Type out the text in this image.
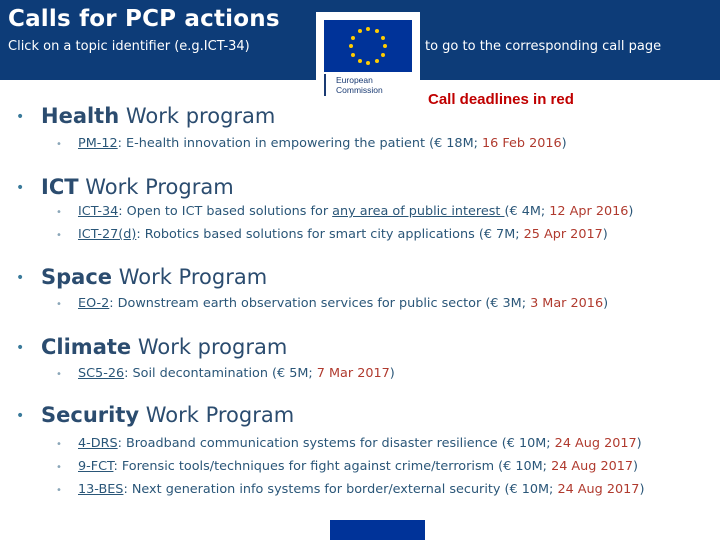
Calls for PCP actions
Click on a topic identifier (e.g.ICT-34)	to go to the corresponding call page
European
Commission
Call deadlines in red
• Health Work program
• PM-12: E-health innovation in empowering the patient (€ 18M; 16 Feb 2016)
• ICT Work Program
• ICT-34: Open to ICT based solutions for any area of public interest (€ 4M; 12 Apr 2016)
• ICT-27(d): Robotics based solutions for smart city applications (€ 7M; 25 Apr 2017)
• Space Work Program
• EO-2: Downstream earth observation services for public sector (€ 3M; 3 Mar 2016)
• Climate Work program
• SC5-26: Soil decontamination (€ 5M; 7 Mar 2017)
• Security Work Program
• 4-DRS: Broadband communication systems for disaster resilience (€ 10M; 24 Aug 2017)
• 9-FCT: Forensic tools/techniques for fight against crime/terrorism (€ 10M; 24 Aug 2017)
• 13-BES: Next generation info systems for border/external security (€ 10M; 24 Aug 2017)
